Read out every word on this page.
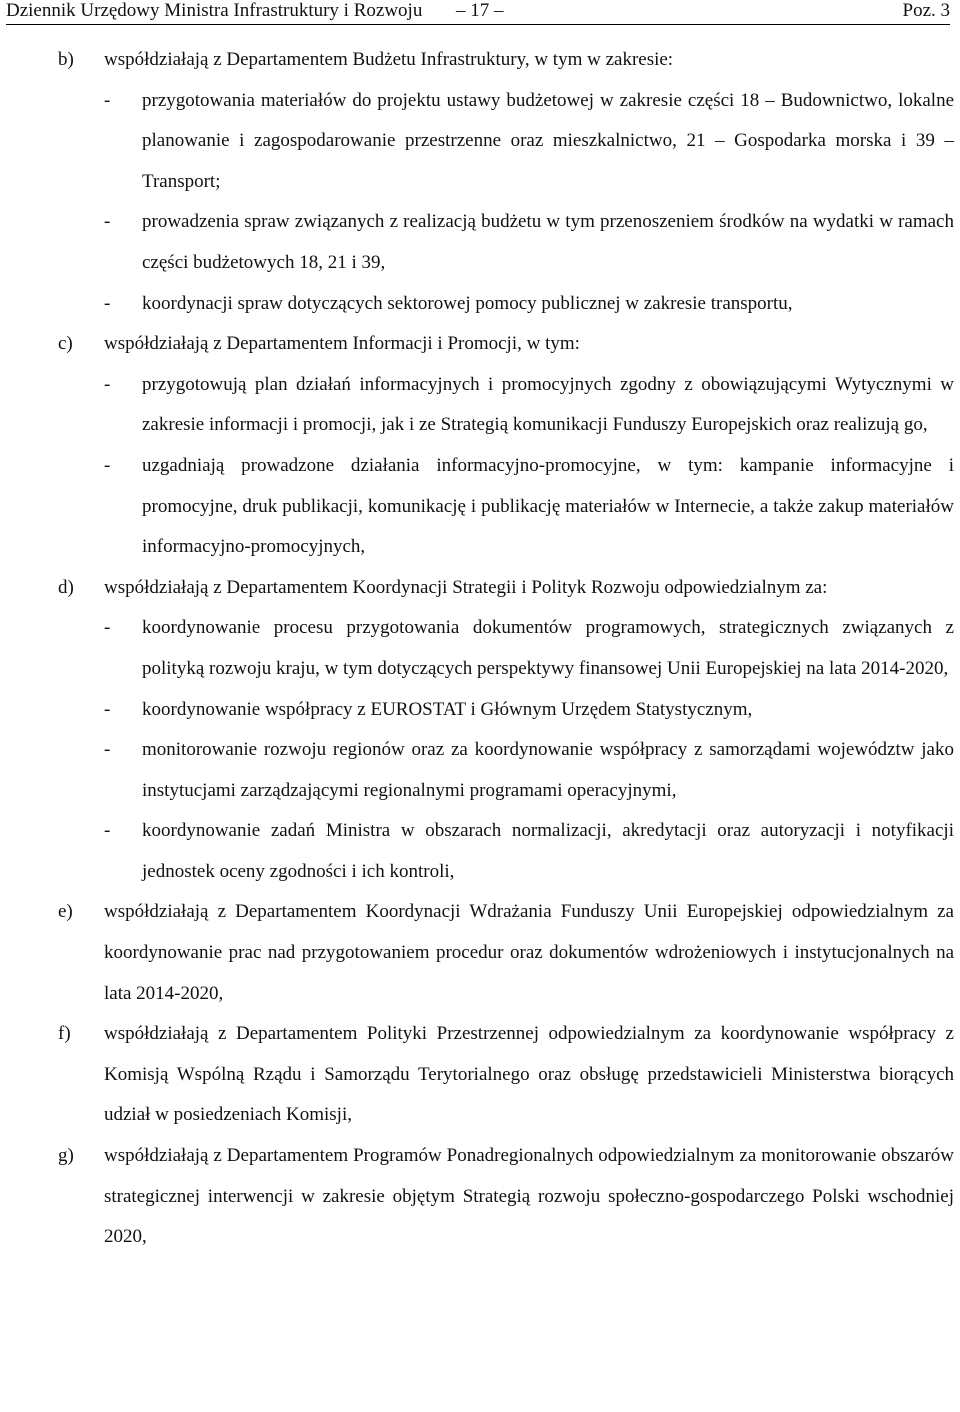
Dziennik Urzędowy Ministra Infrastruktury i Rozwoju – 17 –	Poz. 3
b) współdziałają z Departamentem Budżetu Infrastruktury, w tym w zakresie:
- przygotowania materiałów do projektu ustawy budżetowej w zakresie części 18 – Budownictwo, lokalne planowanie i zagospodarowanie przestrzenne oraz mieszkalnictwo, 21 – Gospodarka morska i 39 – Transport;
- prowadzenia spraw związanych z realizacją budżetu w tym przenoszeniem środków na wydatki w ramach części budżetowych 18, 21 i 39,
- koordynacji spraw dotyczących sektorowej pomocy publicznej w zakresie transportu,
c) współdziałają z Departamentem Informacji i Promocji, w tym:
- przygotowują plan działań informacyjnych i promocyjnych zgodny z obowiązującymi Wytycznymi w zakresie informacji i promocji, jak i ze Strategią komunikacji Funduszy Europejskich oraz realizują go,
- uzgadniają prowadzone działania informacyjno-promocyjne, w tym: kampanie informacyjne i promocyjne, druk publikacji, komunikację i publikację materiałów w Internecie, a także zakup materiałów informacyjno-promocyjnych,
d) współdziałają z Departamentem Koordynacji Strategii i Polityk Rozwoju odpowiedzialnym za:
- koordynowanie procesu przygotowania dokumentów programowych, strategicznych związanych z polityką rozwoju kraju, w tym dotyczących perspektywy finansowej Unii Europejskiej na lata 2014-2020,
- koordynowanie współpracy z EUROSTAT i Głównym Urzędem Statystycznym,
- monitorowanie rozwoju regionów oraz za koordynowanie współpracy z samorządami województw jako instytucjami zarządzającymi regionalnymi programami operacyjnymi,
- koordynowanie zadań Ministra w obszarach normalizacji, akredytacji oraz autoryzacji i notyfikacji jednostek oceny zgodności i ich kontroli,
e) współdziałają z Departamentem Koordynacji Wdrażania Funduszy Unii Europejskiej odpowiedzialnym za koordynowanie prac nad przygotowaniem procedur oraz dokumentów wdrożeniowych i instytucjonalnych na lata 2014-2020,
f) współdziałają z Departamentem Polityki Przestrzennej odpowiedzialnym za koordynowanie współpracy z Komisją Wspólną Rządu i Samorządu Terytorialnego oraz obsługę przedstawicieli Ministerstwa biorących udział w posiedzeniach Komisji,
g) współdziałają z Departamentem Programów Ponadregionalnych odpowiedzialnym za monitorowanie obszarów strategicznej interwencji w zakresie objętym Strategią rozwoju społeczno-gospodarczego Polski wschodniej 2020,
